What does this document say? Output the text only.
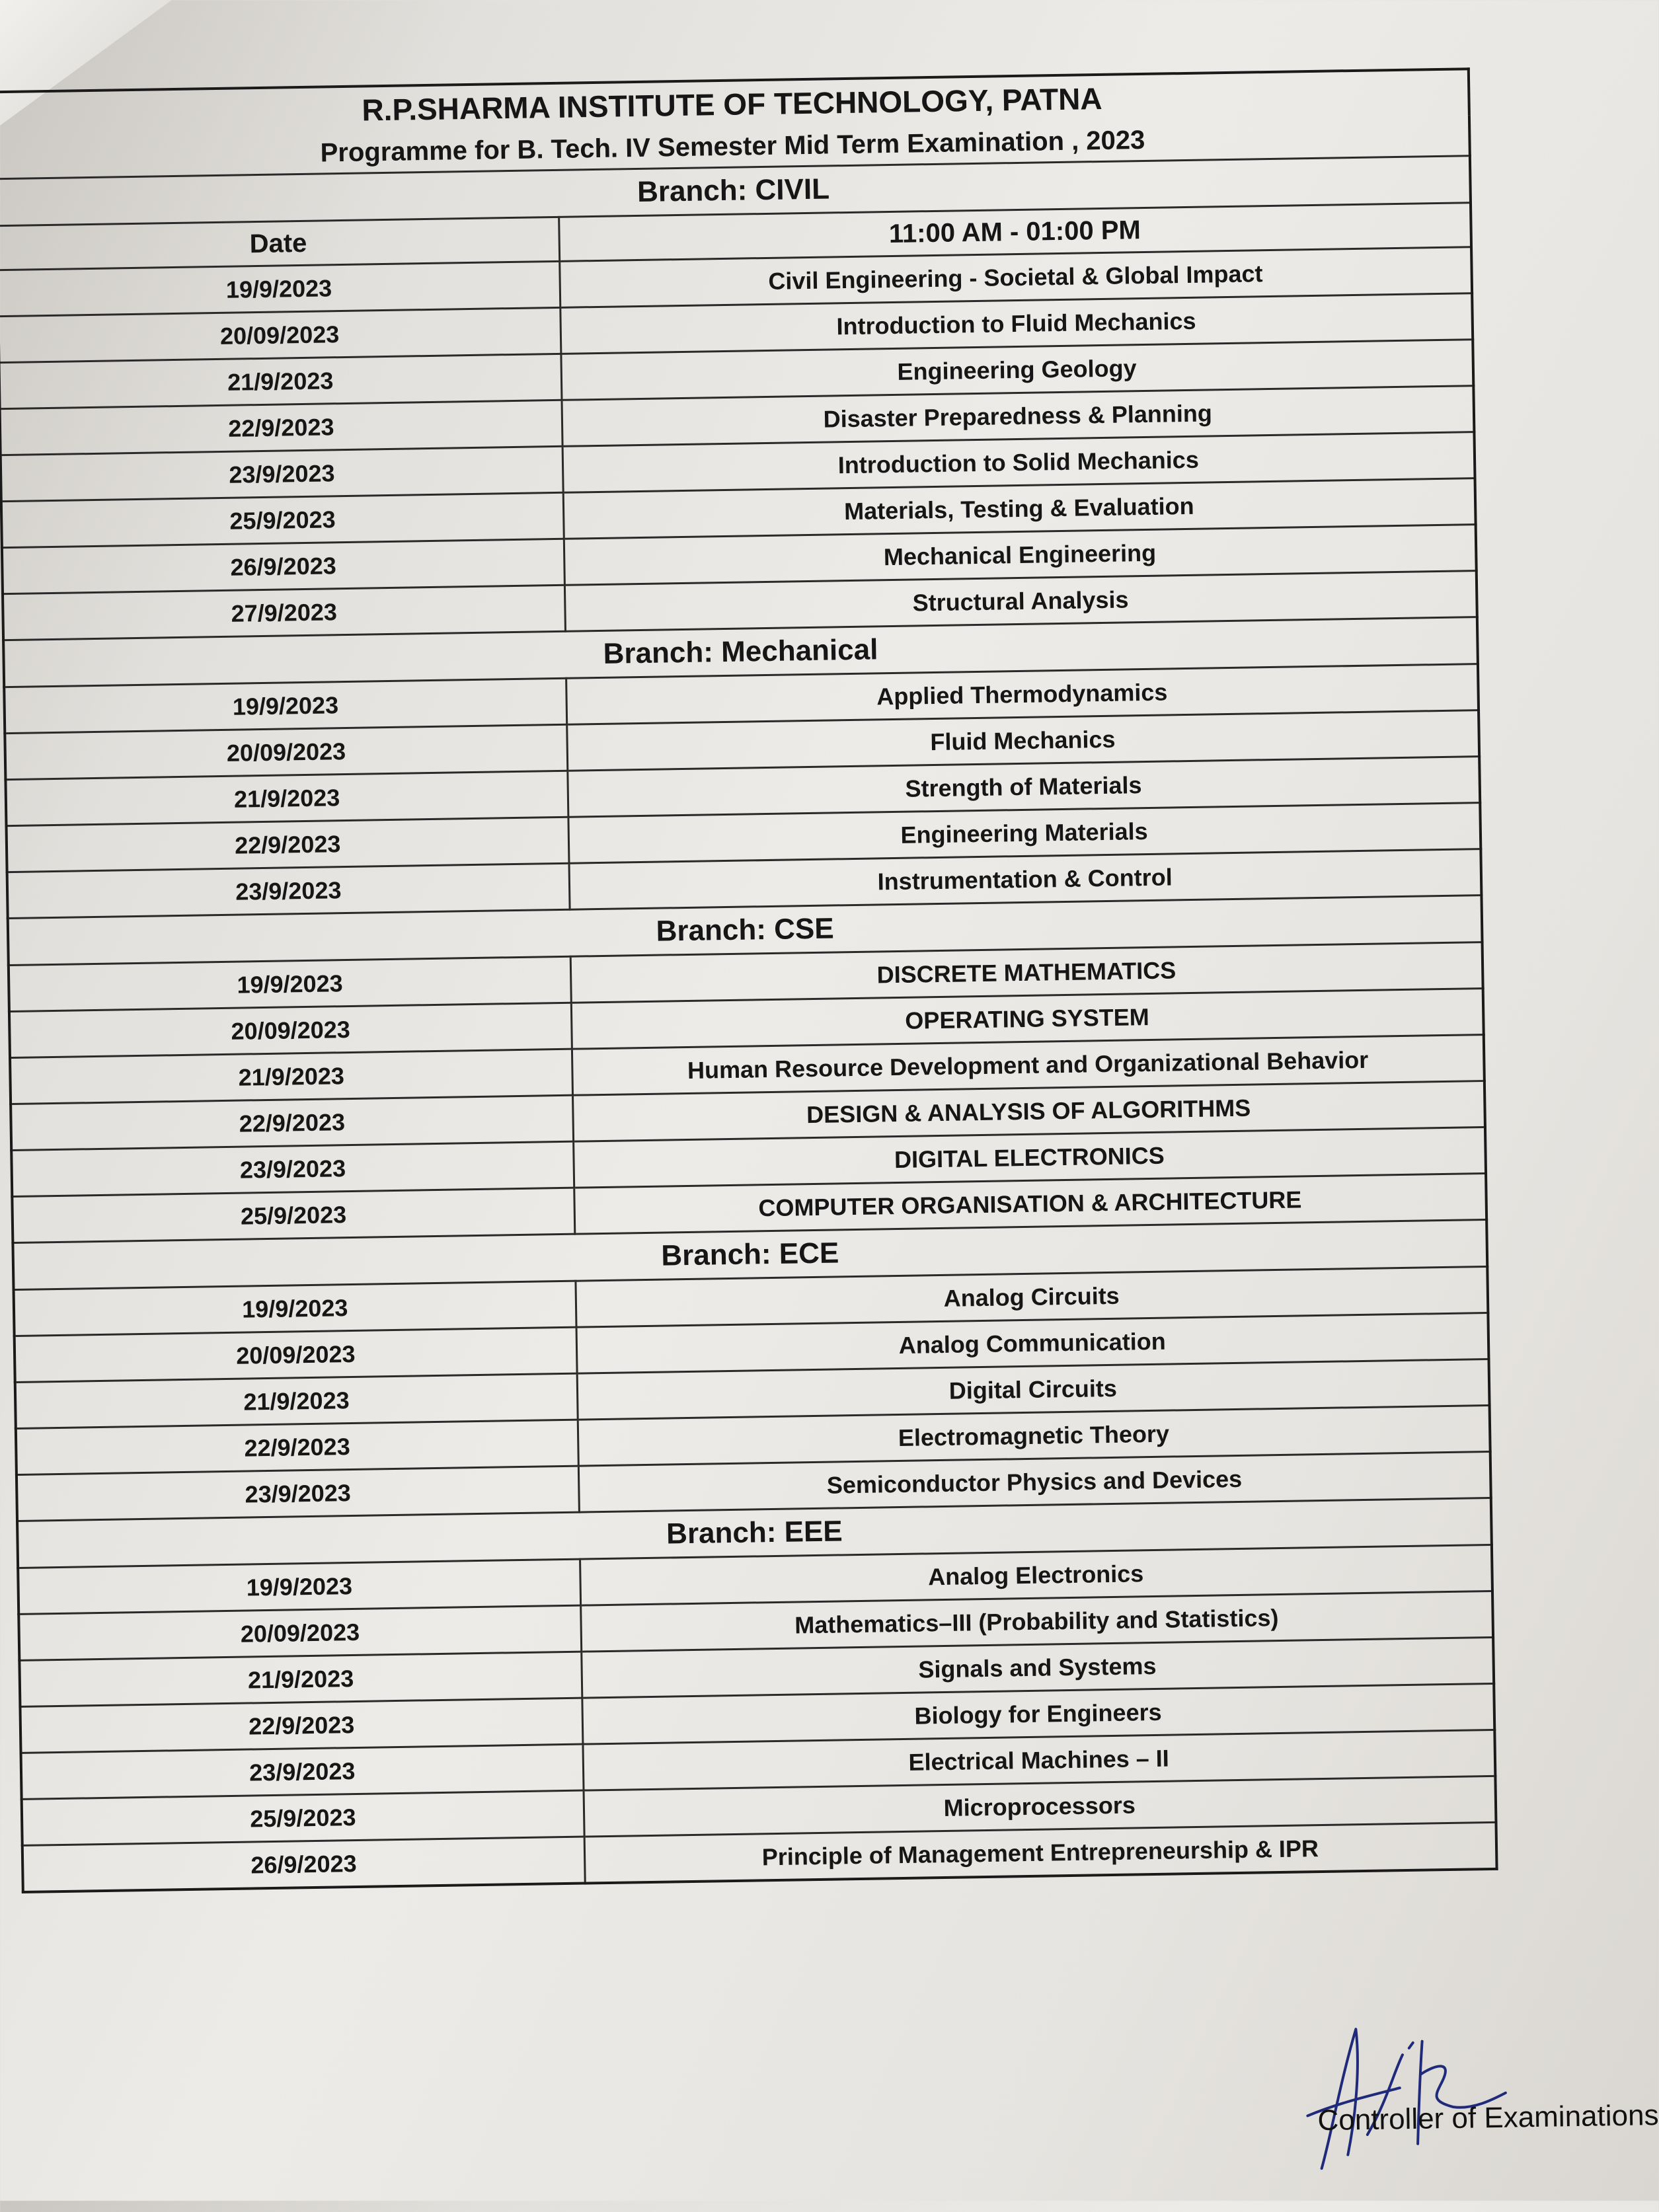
R.P.SHARMA INSTITUTE OF TECHNOLOGY, PATNA	
Programme for B. Tech. IV Semester Mid Term Examination , 2023	
Branch: CIVIL	
Date	11:00 AM - 01:00 PM
19/9/2023	Civil Engineering - Societal & Global Impact
20/09/2023	Introduction to Fluid Mechanics
21/9/2023	Engineering Geology
22/9/2023	Disaster Preparedness & Planning
23/9/2023	Introduction to Solid Mechanics
25/9/2023	Materials, Testing & Evaluation
26/9/2023	Mechanical Engineering
27/9/2023	Structural Analysis
Branch: Mechanical	
19/9/2023	Applied Thermodynamics
20/09/2023	Fluid Mechanics
21/9/2023	Strength of Materials
22/9/2023	Engineering Materials
23/9/2023	Instrumentation & Control
Branch: CSE	
19/9/2023	DISCRETE MATHEMATICS
20/09/2023	OPERATING SYSTEM
21/9/2023	Human Resource Development and Organizational Behavior
22/9/2023	DESIGN & ANALYSIS OF ALGORITHMS
23/9/2023	DIGITAL ELECTRONICS
25/9/2023	COMPUTER ORGANISATION & ARCHITECTURE
Branch: ECE	
19/9/2023	Analog Circuits
20/09/2023	Analog Communication
21/9/2023	Digital Circuits
22/9/2023	Electromagnetic Theory
23/9/2023	Semiconductor Physics and Devices
Branch: EEE	
19/9/2023	Analog Electronics
20/09/2023	Mathematics–III (Probability and Statistics)
21/9/2023	Signals and Systems
22/9/2023	Biology for Engineers
23/9/2023	Electrical Machines – II
25/9/2023	Microprocessors
26/9/2023	Principle of Management Entrepreneurship & IPR
Controller of Examinations
